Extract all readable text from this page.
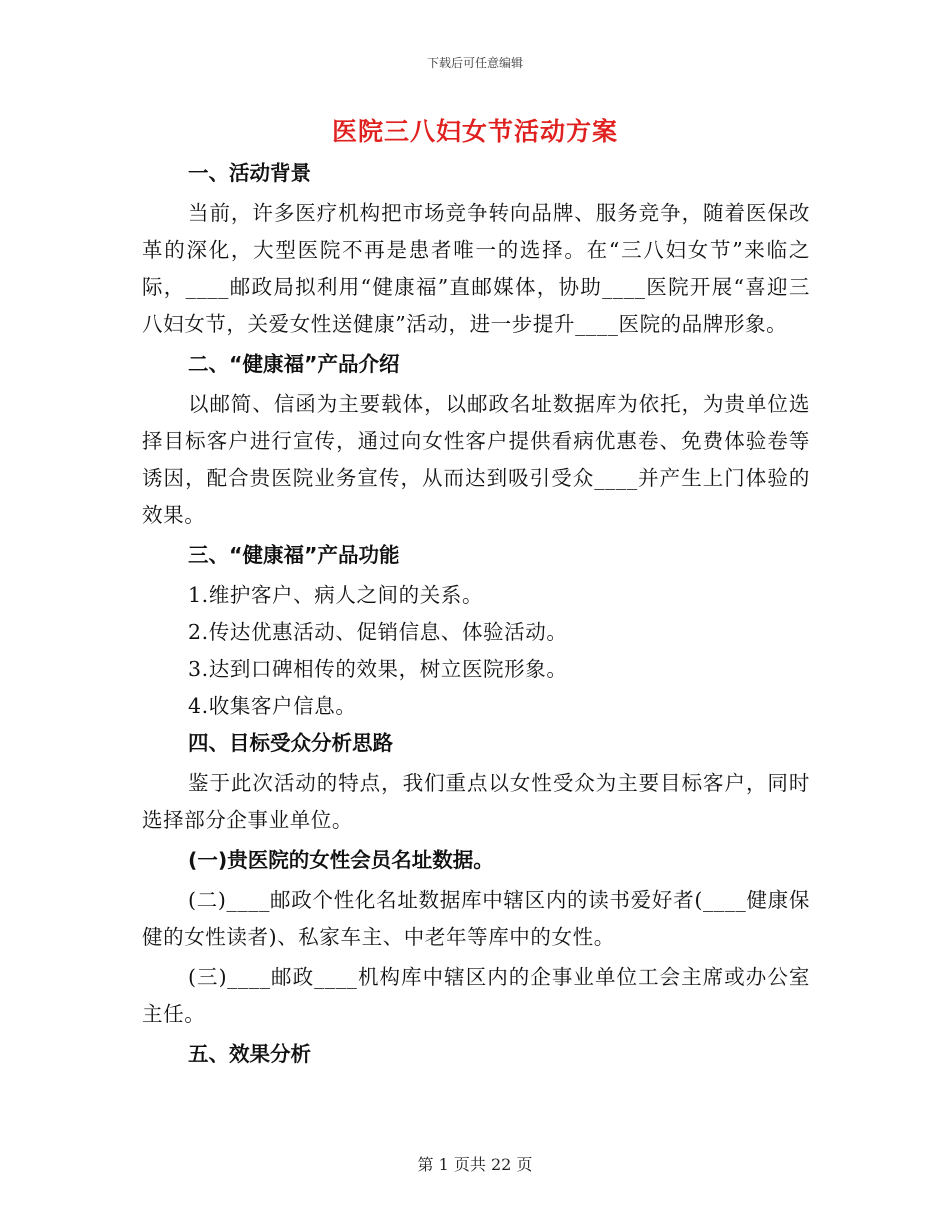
下载后可任意编辑
医院三八妇女节活动方案
一、活动背景
当前，许多医疗机构把市场竞争转向品牌、服务竞争，随着医保改革的深化，大型医院不再是患者唯一的选择。在“三八妇女节”来临之际，____邮政局拟利用“健康福”直邮媒体，协助____医院开展“喜迎三八妇女节，关爱女性送健康”活动，进一步提升____医院的品牌形象。
二、“健康福”产品介绍
以邮简、信函为主要载体，以邮政名址数据库为依托，为贵单位选择目标客户进行宣传，通过向女性客户提供看病优惠卷、免费体验卷等诱因，配合贵医院业务宣传，从而达到吸引受众____并产生上门体验的效果。
三、“健康福”产品功能
1.维护客户、病人之间的关系。
2.传达优惠活动、促销信息、体验活动。
3.达到口碑相传的效果，树立医院形象。
4.收集客户信息。
四、目标受众分析思路
鉴于此次活动的特点，我们重点以女性受众为主要目标客户，同时选择部分企事业单位。
(一)贵医院的女性会员名址数据。
(二)____邮政个性化名址数据库中辖区内的读书爱好者(____健康保健的女性读者)、私家车主、中老年等库中的女性。
(三)____邮政____机构库中辖区内的企事业单位工会主席或办公室主任。
五、效果分析
第 1 页共 22 页
